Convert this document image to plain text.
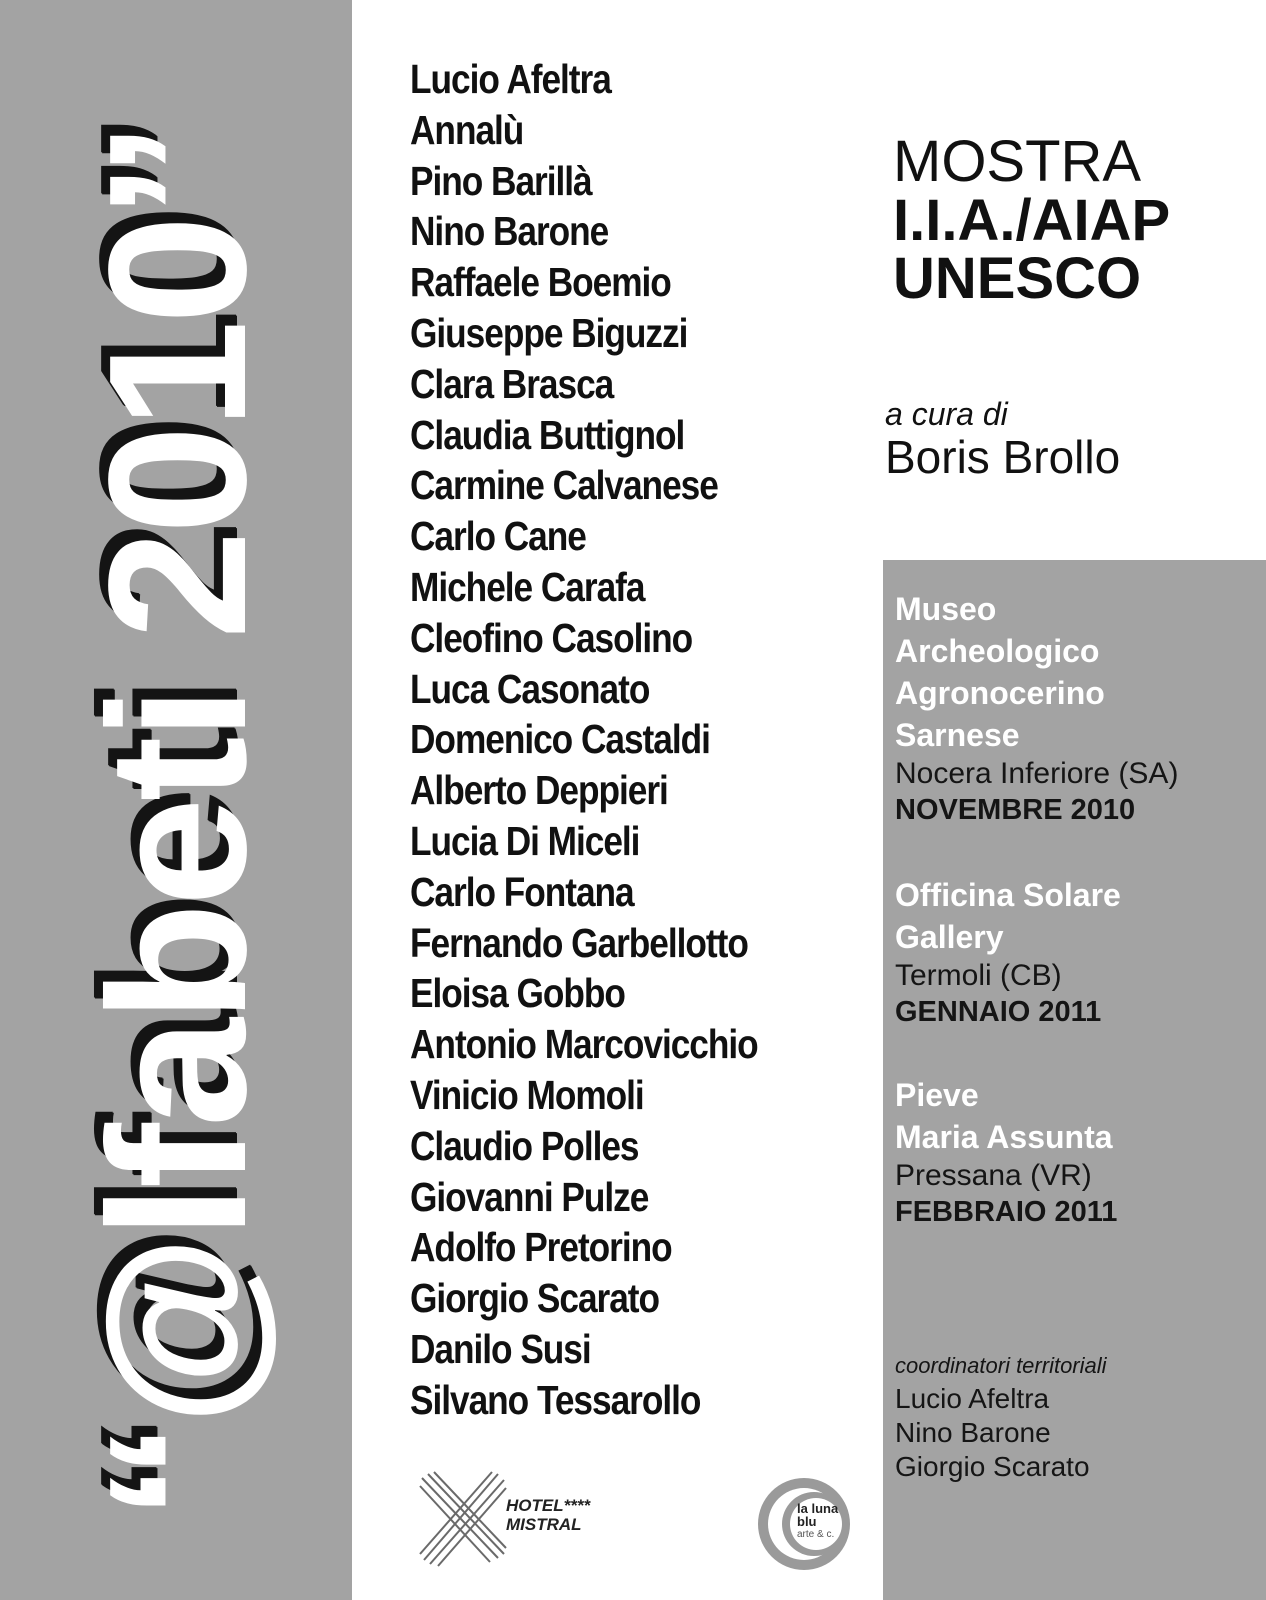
“@lfabeti 2010”
Lucio Afeltra
Annalù
Pino Barillà
Nino Barone
Raffaele Boemio
Giuseppe Biguzzi
Clara Brasca
Claudia Buttignol
Carmine Calvanese
Carlo Cane
Michele Carafa
Cleofino Casolino
Luca Casonato
Domenico Castaldi
Alberto Deppieri
Lucia Di Miceli
Carlo Fontana
Fernando Garbellotto
Eloisa Gobbo
Antonio Marcovicchio
Vinicio Momoli
Claudio Polles
Giovanni Pulze
Adolfo Pretorino
Giorgio Scarato
Danilo Susi
Silvano Tessarollo
MOSTRA
I.I.A./AIAP
UNESCO
a cura di
Boris Brollo
Museo
Archeologico
Agronocerino
Sarnese
Nocera Inferiore (SA)
NOVEMBRE 2010
Officina Solare
Gallery
Termoli (CB)
GENNAIO 2011
Pieve
Maria Assunta
Pressana (VR)
FEBBRAIO 2011
coordinatori territoriali
Lucio Afeltra
Nino Barone
Giorgio Scarato
HOTEL****
MISTRAL
la luna
blu
arte & c.
